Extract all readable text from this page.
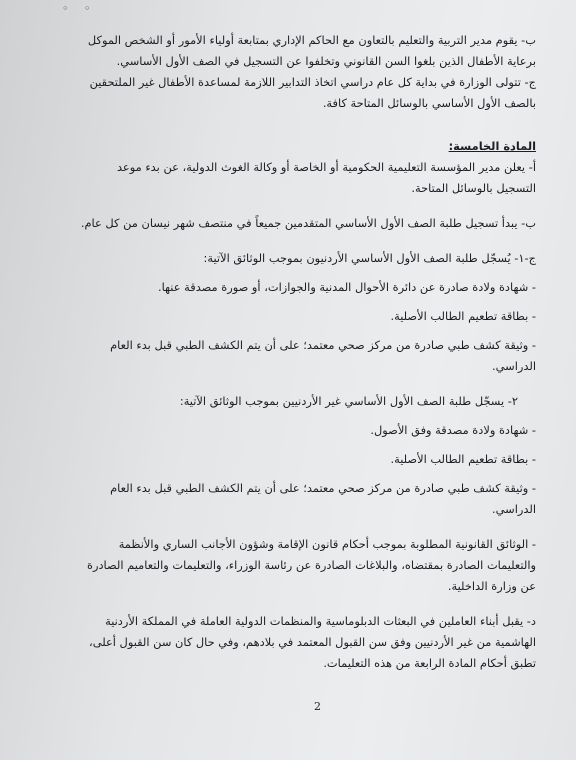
◦ ◦

ب- يقوم مدير التربية والتعليم بالتعاون مع الحاكم الإداري بمتابعة أولياء الأمور أو الشخص الموكل برعاية الأطفال الذين بلغوا السن القانوني وتخلفوا عن التسجيل في الصف الأول الأساسي.

ج- تتولى الوزارة في بداية كل عام دراسي اتخاذ التدابير اللازمة لمساعدة الأطفال غير الملتحقين بالصف الأول الأساسي بالوسائل المتاحة كافة.

المادة الخامسة:

أ- يعلن مدير المؤسسة التعليمية الحكومية أو الخاصة أو وكالة الغوث الدولية، عن بدء موعد التسجيل بالوسائل المتاحة.

ب- يبدأ تسجيل طلبة الصف الأول الأساسي المتقدمين جميعاً في منتصف شهر نيسان من كل عام.

ج-١- يُسجّل طلبة الصف الأول الأساسي الأردنيون بموجب الوثائق الآتية:

- شهادة ولادة صادرة عن دائرة الأحوال المدنية والجوازات، أو صورة مصدقة عنها.

- بطاقة تطعيم الطالب الأصلية.

- وثيقة كشف طبي صادرة من مركز صحي معتمد؛ على أن يتم الكشف الطبي قبل بدء العام الدراسي.

٢- يسجّل طلبة الصف الأول الأساسي غير الأردنيين بموجب الوثائق الآتية:

- شهادة ولادة مصدقة وفق الأصول.

- بطاقة تطعيم الطالب الأصلية.

- وثيقة كشف طبي صادرة من مركز صحي معتمد؛ على أن يتم الكشف الطبي قبل بدء العام الدراسي.

- الوثائق القانونية المطلوبة بموجب أحكام قانون الإقامة وشؤون الأجانب الساري والأنظمة والتعليمات الصادرة بمقتضاه، والبلاغات الصادرة عن رئاسة الوزراء، والتعليمات والتعاميم الصادرة عن وزارة الداخلية.

د- يقبل أبناء العاملين في البعثات الدبلوماسية والمنظمات الدولية العاملة في المملكة الأردنية الهاشمية من غير الأردنيين وفق سن القبول المعتمد في بلادهم، وفي حال كان سن القبول أعلى، تطبق أحكام المادة الرابعة من هذه التعليمات.

2
